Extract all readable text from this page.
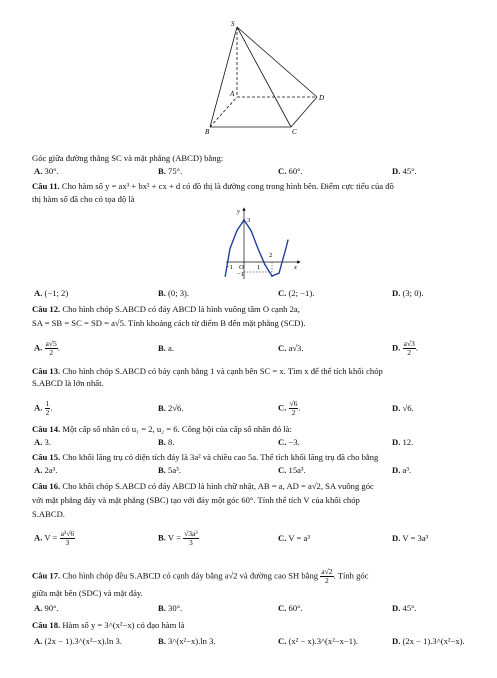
S
A
B	C
D
Góc giữa đường thẳng SC và mặt phẳng (ABCD) bằng:
A. 30°.	B. 75°.	C. 60°.	D. 45°.
Câu 11. Cho hàm số y = ax³ + bx² + cx + d có đồ thị là đường cong trong hình bên. Điểm cực tiểu của đồ
thị hàm số đã cho có tọa độ là
y
x
3
2
−1 O 1
−1
A. (−1; 2)	B. (0; 3).	C. (2; −1).	D. (3; 0).
Câu 12. Cho hình chóp S.ABCD có đáy ABCD là hình vuông tâm O cạnh 2a,
SA = SB = SC = SD = a√5. Tính khoảng cách từ điểm B đến mặt phẳng (SCD).
A. $\frac{a√5}{2}$ .	B. a.	C. a√3.	D. $\frac{a√3}{2}$ .
Câu 13. Cho hình chóp S.ABCD có bảy cạnh bằng 1 và cạnh bên SC = x. Tìm x để thể tích khối chóp
S.ABCD là lớn nhất.
A. $\frac{1}{2}$ .	B. 2√6.	C. $\frac{√6}{2}$ .	D. √6.
Câu 14. Một cấp số nhân có u₁ = 2, u₂ = 6. Công bội của cấp số nhân đó là:
A. 3.	B. 8.	C. −3.	D. 12.
Câu 15. Cho khối lăng trụ có diện tích đáy là 3a² và chiều cao 5a. Thể tích khối lăng trụ đã cho bằng
A. 2a³.	B. 5a³.	C. 15a³.	D. a³.
Câu 16. Cho khối chóp S.ABCD có đáy ABCD là hình chữ nhật, AB = a, AD = a√2, SA vuông góc
với mặt phẳng đáy và mặt phẳng (SBC) tạo với đáy một góc 60°. Tính thể tích V của khối chóp
S.ABCD.
A. $V = \frac{\text{a³√6}}{3}$	B. $V = \frac{\text{√3a³}}{3}$	C. V = a³	D. V = 3a³
Câu 17. Cho hình chóp đều S.ABCD có cạnh đáy bằng a√2 và đường cao SH bằng $\frac{a√2}{2}$ . Tính góc
giữa mặt bên (SDC) và mặt đáy.
A. 90°.	B. 30°.	C. 60°.	D. 45°.
Câu 18. Hàm số y = 3^(x²−x) có đạo hàm là
A. (2x − 1).3^(x²−x).ln 3.	B. 3^(x²−x).ln 3.	C. (x² − x).3^(x²−x−1).	D. (2x − 1).3^(x²−x).
